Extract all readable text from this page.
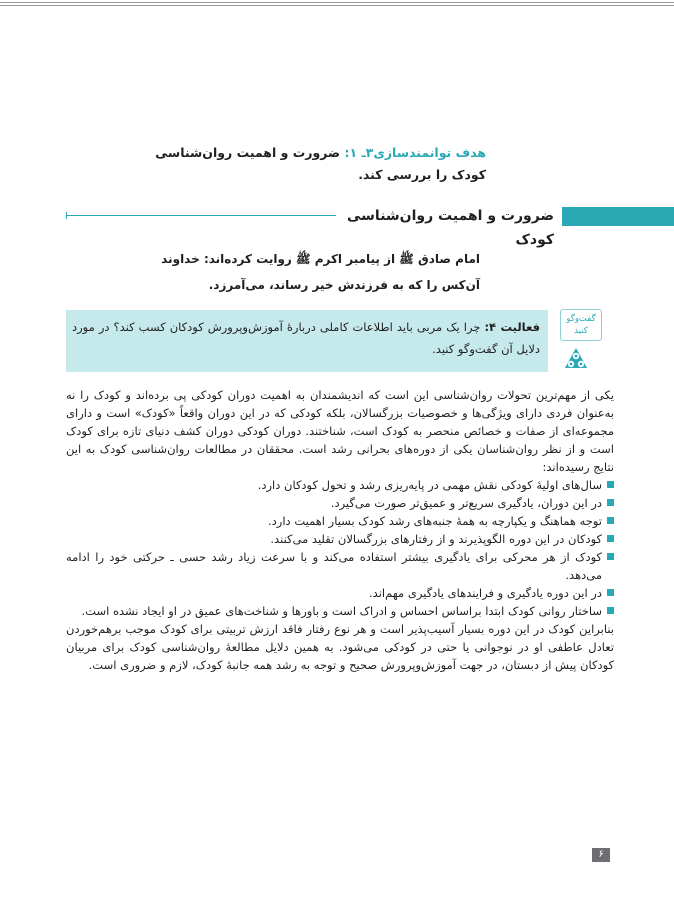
هدف توانمندسازی۳ـ ۱: ضرورت و اهمیت روان‌شناسی کودک را بررسی کند.
ضرورت و اهمیت روان‌شناسی کودک
امام صادق ﷺ از پیامبر اکرم ﷺ روایت کرده‌اند: خداوند آن‌کس را که به فرزندش خیر رساند، می‌آمرزد.
فعالیت ۴: چرا یک مربی باید اطلاعات کاملی دربارۀ آموزش‌وپرورش کودکان کسب کند؟ در مورد دلایل آن گفت‌وگو کنید.
گفت‌وگو
کنید

یکی از مهم‌ترین تحولات روان‌شناسی این است که اندیشمندان به اهمیت دوران کودکی پی برده‌اند و کودک را نه به‌عنوان فردی دارای ویژگی‌ها و خصوصیات بزرگسالان، بلکه کودکی که در این دوران واقعاً «کودک» است و دارای مجموعه‌ای از صفات و خصائص منحصر به کودک است، شناختند. دوران کودکی دوران کشف دنیای تازه برای کودک است و از نظر روان‌شناسان یکی از دوره‌های بحرانی رشد است. محققان در مطالعات روان‌شناسی کودک به این نتایج رسیده‌اند:

سال‌های اولیۀ کودکی نقش مهمی در پایه‌ریزی رشد و تحول کودکان دارد.
در این دوران، یادگیری سریع‌تر و عمیق‌تر صورت می‌گیرد.
توجه هماهنگ و یکپارچه به همۀ جنبه‌های رشد کودک بسیار اهمیت دارد.
کودکان در این دوره الگوپذیرند و از رفتارهای بزرگسالان تقلید می‌کنند.
کودک از هر محرکی برای یادگیری بیشتر استفاده می‌کند و با سرعت زیاد رشد حسی ـ حرکتی خود را ادامه می‌دهد.
در این دوره یادگیری و فرایندهای یادگیری مهم‌اند.
ساختار روانی کودک ابتدا براساس احساس و ادراک است و باورها و شناخت‌های عمیق در او ایجاد نشده است.

بنابراین کودک در این دوره بسیار آسیب‌پذیر است و هر نوع رفتار فاقد ارزش تربیتی برای کودک موجب برهم‌خوردن تعادل عاطفی او در نوجوانی یا حتی در کودکی می‌شود. به همین دلایل مطالعۀ روان‌شناسی کودک برای مربیان کودکان پیش از دبستان، در جهت آموزش‌وپرورش صحیح و توجه به رشد همه جانبۀ کودک، لازم و ضروری است.

۶
